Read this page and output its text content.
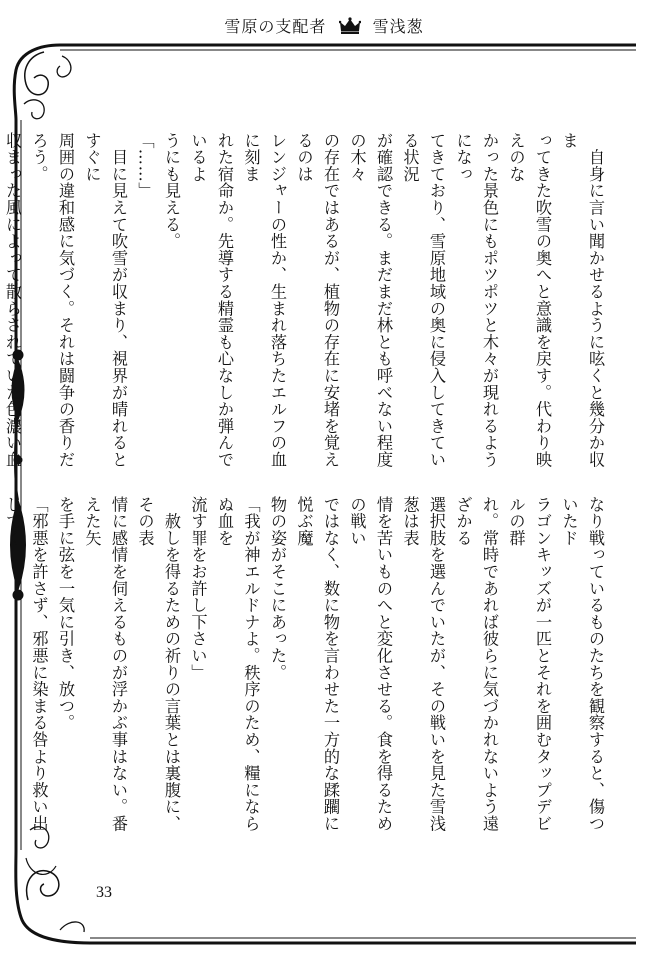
雪原の支配者	雪浅葱

　自身に言い聞かせるように呟くと幾分か収ま

ってきた吹雪の奥へと意識を戻す。代わり映えのな

かった景色にもポツポツと木々が現れるようになっ

てきており、雪原地域の奥に侵入してきている状況

が確認できる。まだまだ林とも呼べない程度の木々

の存在ではあるが、植物の存在に安堵を覚えるのは

レンジャーの性か、生まれ落ちたエルフの血に刻ま

れた宿命か。先導する精霊も心なしか弾んでいるよ

うにも見える。

「……」

　目に見えて吹雪が収まり、視界が晴れるとすぐに

周囲の違和感に気づく。それは闘争の香りだろう。

収まった風によって散らされていた色濃い血

なり戦っているものたちを観察すると、傷ついたド

ラゴンキッズが一匹とそれを囲むタップデビルの群

れ。常時であれば彼らに気づかれないよう遠ざかる

選択肢を選んでいたが、その戦いを見た雪浅葱は表

情を苦いものへと変化させる。食を得るための戦い

ではなく、数に物を言わせた一方的な蹂躙に悦ぶ魔

物の姿がそこにあった。

「我が神エルドナよ。秩序のため、糧にならぬ血を

流す罪をお許し下さい」

　赦しを得るための祈りの言葉とは裏腹に、その表

情に感情を伺えるものが浮かぶ事はない。番えた矢

を手に弦を一気に引き、放つ。

「邪悪を許さず、邪悪に染まる咎より救い出してく

33
